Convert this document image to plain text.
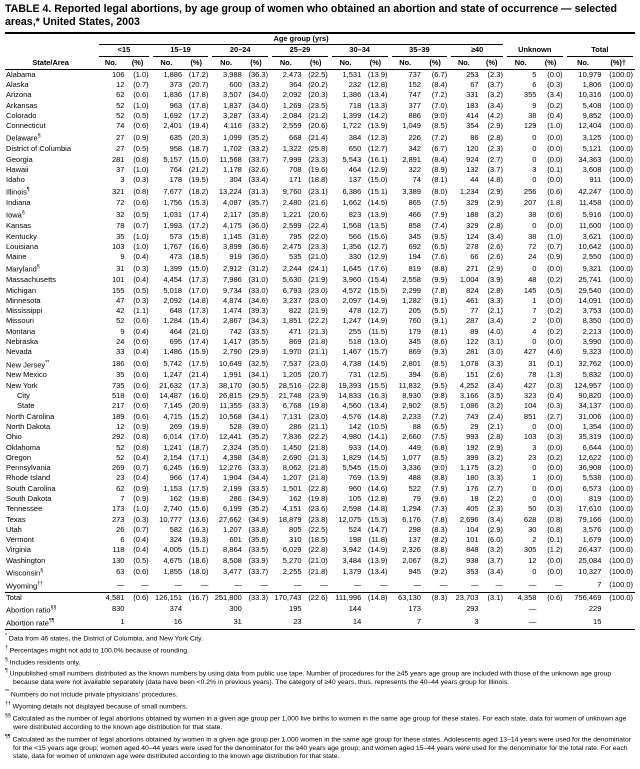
TABLE 4. Reported legal abortions, by age group of women who obtained an abortion and state of occurrence — selected areas,* United States, 2003

	Age group (yrs)																	

	<15		15–19		20–24		25–29		30–34		35–39		≥40		Unknown		Total	

State/Area	No.	(%)	No.	(%)	No.	(%)	No.	(%)	No.	(%)	No.	(%)	No.	(%)	No.	(%)	No.	(%)†
Alabama	106	(1.0)	1,886	(17.2)	3,988	(36.3)	2,473	(22.5)	1,531	(13.9)	737	(6.7)	253	(2.3)	5	(0.0)	10,979	(100.0)
Alaska	12	(0.7)	373	(20.7)	600	(33.2)	364	(20.2)	232	(12.8)	152	(8.4)	67	(3.7)	6	(0.3)	1,806	(100.0)
Arizona	62	(0.6)	1,836	(17.8)	3,507	(34.0)	2,092	(20.3)	1,386	(13.4)	747	(7.2)	331	(3.2)	355	(3.4)	10,316	(100.0)
Arkansas	52	(1.0)	963	(17.8)	1,837	(34.0)	1,269	(23.5)	718	(13.3)	377	(7.0)	183	(3.4)	9	(0.2)	5,408	(100.0)
Colorado	52	(0.5)	1,692	(17.2)	3,287	(33.4)	2,084	(21.2)	1,399	(14.2)	886	(9.0)	414	(4.2)	38	(0.4)	9,852	(100.0)
Connecticut	74	(0.6)	2,401	(19.4)	4,116	(33.2)	2,559	(20.6)	1,722	(13.9)	1,049	(8.5)	354	(2.9)	129	(1.0)	12,404	(100.0)
Delaware§	27	(0.9)	635	(20.3)	1,099	(35.2)	668	(21.4)	384	(12.3)	226	(7.2)	86	(2.8)	0	(0.0)	3,125	(100.0)
District of Columbia	27	(0.5)	958	(18.7)	1,702	(33.2)	1,322	(25.8)	650	(12.7)	342	(6.7)	120	(2.3)	0	(0.0)	5,121	(100.0)
Georgia	281	(0.8)	5,157	(15.0)	11,568	(33.7)	7,999	(23.3)	5,543	(16.1)	2,891	(8.4)	924	(2.7)	0	(0.0)	34,363	(100.0)
Hawaii	37	(1.0)	764	(21.2)	1,178	(32.6)	708	(19.6)	464	(12.9)	322	(8.9)	132	(3.7)	3	(0.1)	3,608	(100.0)
Idaho	3	(0.3)	178	(19.5)	304	(33.4)	171	(18.8)	137	(15.0)	74	(8.1)	44	(4.8)	0	(0.0)	911	(100.0)
Illinois¶	321	(0.8)	7,677	(18.2)	13,224	(31.3)	9,760	(23.1)	6,386	(15.1)	3,389	(8.0)	1,234	(2.9)	256	(0.6)	42,247	(100.0)
Indiana	72	(0.6)	1,756	(15.3)	4,087	(35.7)	2,480	(21.6)	1,662	(14.5)	865	(7.5)	329	(2.9)	207	(1.8)	11,458	(100.0)
Iowa§	32	(0.5)	1,031	(17.4)	2,117	(35.8)	1,221	(20.6)	823	(13.9)	466	(7.9)	188	(3.2)	38	(0.6)	5,916	(100.0)
Kansas	78	(0.7)	1,993	(17.2)	4,175	(36.0)	2,599	(22.4)	1,568	(13.5)	858	(7.4)	329	(2.8)	0	(0.0)	11,600	(100.0)
Kentucky	35	(1.0)	573	(15.8)	1,145	(31.6)	795	(22.0)	566	(15.6)	345	(9.5)	124	(3.4)	38	(1.0)	3,621	(100.0)
Louisiana	103	(1.0)	1,767	(16.6)	3,899	(36.6)	2,475	(23.3)	1,356	(12.7)	692	(6.5)	278	(2.6)	72	(0.7)	10,642	(100.0)
Maine	9	(0.4)	473	(18.5)	919	(36.0)	535	(21.0)	330	(12.9)	194	(7.6)	66	(2.6)	24	(0.9)	2,550	(100.0)
Maryland§	31	(0.3)	1,399	(15.0)	2,912	(31.2)	2,244	(24.1)	1,645	(17.6)	819	(8.8)	271	(2.9)	0	(0.0)	9,321	(100.0)
Massachusetts	101	(0.4)	4,454	(17.3)	7,986	(31.0)	5,630	(21.9)	3,960	(15.4)	2,558	(9.9)	1,004	(3.9)	48	(0.2)	25,741	(100.0)
Michigan	155	(0.5)	5,018	(17.0)	9,734	(33.0)	6,793	(23.0)	4,572	(15.5)	2,299	(7.8)	824	(2.8)	145	(0.5)	29,540	(100.0)
Minnesota	47	(0.3)	2,092	(14.8)	4,874	(34.6)	3,237	(23.0)	2,097	(14.9)	1,282	(9.1)	461	(3.3)	1	(0.0)	14,091	(100.0)
Mississippi	42	(1.1)	648	(17.3)	1,474	(39.3)	822	(21.9)	478	(12.7)	205	(5.5)	77	(2.1)	7	(0.2)	3,753	(100.0)
Missouri	52	(0.6)	1,284	(15.4)	2,867	(34.3)	1,851	(22.2)	1,247	(14.9)	760	(9.1)	287	(3.4)	2	(0.0)	8,350	(100.0)
Montana	9	(0.4)	464	(21.0)	742	(33.5)	471	(21.3)	255	(11.5)	179	(8.1)	89	(4.0)	4	(0.2)	2,213	(100.0)
Nebraska	24	(0.6)	695	(17.4)	1,417	(35.5)	869	(21.8)	518	(13.0)	345	(8.6)	122	(3.1)	0	(0.0)	3,990	(100.0)
Nevada	33	(0.4)	1,486	(15.9)	2,790	(29.9)	1,970	(21.1)	1,467	(15.7)	869	(9.3)	281	(3.0)	427	(4.6)	9,323	(100.0)
New Jersey**	186	(0.6)	5,742	(17.5)	10,649	(32.5)	7,537	(23.0)	4,738	(14.5)	2,801	(8.5)	1,078	(3.3)	31	(0.1)	32,762	(100.0)
New Mexico	35	(0.6)	1,247	(21.4)	1,991	(34.1)	1,205	(20.7)	731	(12.5)	394	(6.8)	151	(2.6)	78	(1.3)	5,832	(100.0)
New York	735	(0.6)	21,632	(17.3)	38,170	(30.5)	28,516	(22.8)	19,393	(15.5)	11,832	(9.5)	4,252	(3.4)	427	(0.3)	124,957	(100.0)
City	518	(0.6)	14,487	(16.0)	26,815	(29.5)	21,748	(23.9)	14,833	(16.3)	8,930	(9.8)	3,166	(3.5)	323	(0.4)	90,820	(100.0)
State	217	(0.6)	7,145	(20.9)	11,355	(33.3)	6,768	(19.8)	4,560	(13.4)	2,902	(8.5)	1,086	(3.2)	104	(0.3)	34,137	(100.0)
North Carolina	189	(0.6)	4,715	(15.2)	10,568	(34.1)	7,131	(23.0)	4,576	(14.8)	2,233	(7.2)	743	(2.4)	851	(2.7)	31,006	(100.0)
North Dakota	12	(0.9)	269	(19.9)	528	(39.0)	286	(21.1)	142	(10.5)	88	(6.5)	29	(2.1)	0	(0.0)	1,354	(100.0)
Ohio	292	(0.8)	6,014	(17.0)	12,441	(35.2)	7,836	(22.2)	4,980	(14.1)	2,660	(7.5)	993	(2.8)	103	(0.3)	35,319	(100.0)
Oklahoma	52	(0.8)	1,241	(18.7)	2,324	(35.0)	1,450	(21.8)	933	(14.0)	449	(6.8)	192	(2.9)	3	(0.0)	6,644	(100.0)
Oregon	52	(0.4)	2,154	(17.1)	4,398	(34.8)	2,690	(21.3)	1,829	(14.5)	1,077	(8.5)	399	(3.2)	23	(0.2)	12,622	(100.0)
Pennsylvania	269	(0.7)	6,245	(16.9)	12,276	(33.3)	8,062	(21.8)	5,545	(15.0)	3,336	(9.0)	1,175	(3.2)	0	(0.0)	36,908	(100.0)
Rhode Island	23	(0.4)	966	(17.4)	1,904	(34.4)	1,207	(21.8)	769	(13.9)	488	(8.8)	180	(3.3)	1	(0.0)	5,538	(100.0)
South Carolina	62	(0.9)	1,153	(17.5)	2,199	(33.5)	1,501	(22.8)	960	(14.6)	522	(7.9)	176	(2.7)	0	(0.0)	6,573	(100.0)
South Dakota	7	(0.9)	162	(19.8)	286	(34.9)	162	(19.8)	105	(12.8)	79	(9.6)	18	(2.2)	0	(0.0)	819	(100.0)
Tennessee	173	(1.0)	2,740	(15.6)	6,199	(35.2)	4,151	(23.6)	2,598	(14.8)	1,294	(7.3)	405	(2.3)	50	(0.3)	17,610	(100.0)
Texas	273	(0.3)	10,777	(13.6)	27,662	(34.9)	18,879	(23.8)	12,075	(15.3)	6,176	(7.8)	2,696	(3.4)	628	(0.8)	79,166	(100.0)
Utah	26	(0.7)	582	(16.3)	1,207	(33.8)	805	(22.5)	524	(14.7)	298	(8.3)	104	(2.9)	30	(0.8)	3,576	(100.0)
Vermont	6	(0.4)	324	(19.3)	601	(35.8)	310	(18.5)	198	(11.8)	137	(8.2)	101	(6.0)	2	(0.1)	1,679	(100.0)
Virginia	118	(0.4)	4,005	(15.1)	8,864	(33.5)	6,029	(22.8)	3,942	(14.9)	2,326	(8.8)	848	(3.2)	305	(1.2)	26,437	(100.0)
Washington	130	(0.5)	4,675	(18.6)	8,508	(33.9)	5,270	(21.0)	3,484	(13.9)	2,067	(8.2)	938	(3.7)	12	(0.0)	25,084	(100.0)
Wisconsin§	63	(0.6)	1,855	(18.0)	3,477	(33.7)	2,255	(21.8)	1,379	(13.4)	945	(9.2)	353	(3.4)	0	(0.0)	10,327	(100.0)
Wyoming††	—	—	—	—	—	—	—	—	—	—	—	—	—	—	—	—	7	(100.0)
Total	4,581	(0.6)	126,151	(16.7)	251,800	(33.3)	170,743	(22.6)	111,996	(14.8)	63,130	(8.3)	23,703	(3.1)	4,358	(0.6)	756,469	(100.0)
Abortion ratio§§	830		374		300		195		144		173		293		—		229	
Abortion rate¶¶	1		16		31		23		14		7		3		—		15	
* Data from 46 states, the District of Columbia, and New York City.
† Percentages might not add to 100.0% because of rounding.
§ Includes residents only.
¶ Unpublished small numbers distributed as the known numbers by using data from public use tape. Number of procedures for the ≥45 years age group are included with those of the unknown age group because data were not available separately (data have been <0.2% in previous years). The category of ≥40 years, thus, represents the 40–44 years group for Illinois.
** Numbers do not include private physicians' procedures.
†† Wyoming details not displayed because of small numbers.
§§ Calculated as the number of legal abortions obtained by women in a given age group per 1,000 live births to women in the same age group for these states. For each state, data for women of unknown age were distributed according to the known age distribution for that state.
¶¶ Calculated as the number of legal abortions obtained by women in a given age group per 1,000 women in the same age group for these states. Adolescents aged 13–14 years were used for the denominator for the <15 years age group; women aged 40–44 years were used for the denominator for the ≥40 years age group; and women aged 15–44 years were used for the denominator for the total rate. For each state, data for women of unknown age were distributed according to the known age distribution for that state.
